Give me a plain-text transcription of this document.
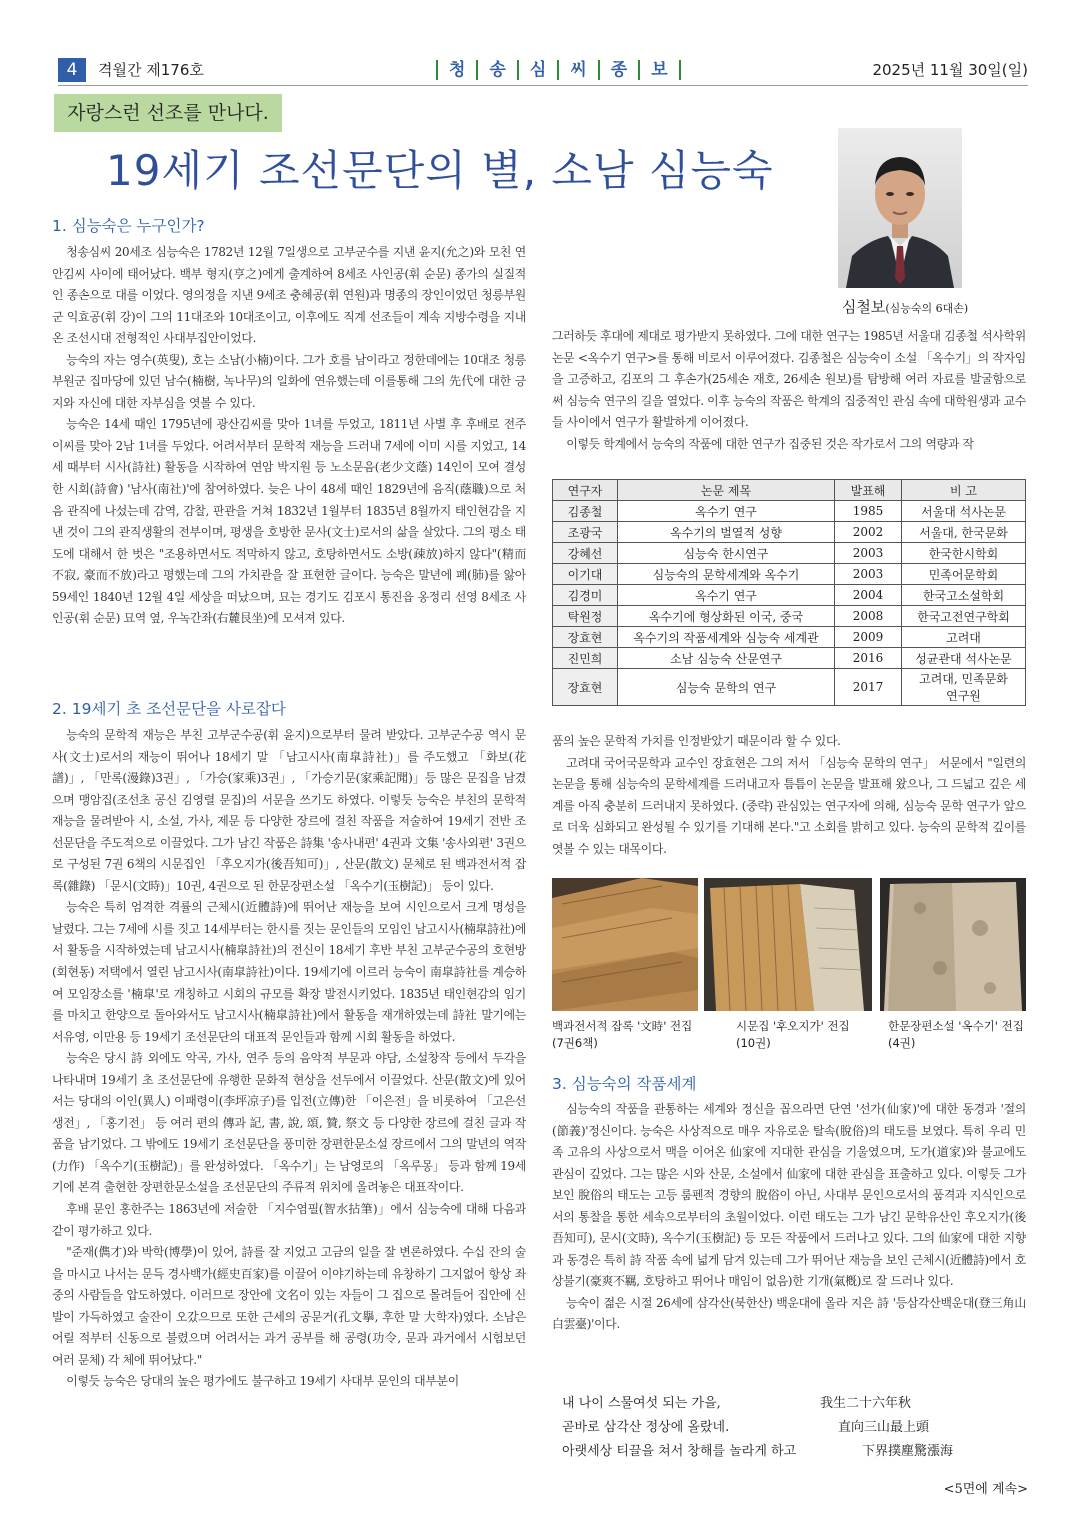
4	격월간 제176호	청	송	심	씨	종	보	2025년 11월 30일(일)
자랑스런 선조를 만나다.
19세기 조선문단의 별, 소남 심능숙
심철보(심능숙의 6대손)
1. 심능숙은 누구인가?

청송심씨 20세조 심능숙은 1782년 12월 7일생으로 고부군수를 지낸 윤지(允之)와 모친 연안김씨 사이에 태어났다. 백부 형지(亨之)에게 출계하여 8세조 사인공(휘 순문) 종가의 실질적인 종손으로 대를 이었다. 영의정을 지낸 9세조 충혜공(휘 연원)과 명종의 장인이었던 청릉부원군 익효공(휘 강)이 그의 11대조와 10대조이고, 이후에도 직계 선조들이 계속 지방수령을 지내온 조선시대 전형적인 사대부집안이었다.

능숙의 자는 영수(英叟), 호는 소남(小楠)이다. 그가 호를 남이라고 정한데에는 10대조 청릉부원군 집마당에 있던 남수(楠樹, 녹나무)의 일화에 연유했는데 이를통해 그의 先代에 대한 긍지와 자신에 대한 자부심을 엿볼 수 있다.

능숙은 14세 때인 1795년에 광산김씨를 맞아 1녀를 두었고, 1811년 사별 후 후배로 전주이씨를 맞아 2남 1녀를 두었다. 어려서부터 문학적 재능을 드러내 7세에 이미 시를 지었고, 14세 때부터 시사(詩社) 활동을 시작하여 연암 박지원 등 노소문음(老少文蔭) 14인이 모여 결성한 시회(詩會) '남사(南社)'에 참여하였다. 늦은 나이 48세 때인 1829년에 음직(蔭職)으로 처음 관직에 나섰는데 감역, 감찰, 판관을 거쳐 1832년 1월부터 1835년 8월까지 태인현감을 지낸 것이 그의 관직생활의 전부이며, 평생을 호방한 문사(文士)로서의 삶을 살았다. 그의 평소 태도에 대해서 한 벗은 "조용하면서도 적막하지 않고, 호탕하면서도 소방(疎放)하지 않다"(精而不寂, 豪而不放)라고 평했는데 그의 가치관을 잘 표현한 글이다. 능숙은 말년에 폐(肺)를 앓아 59세인 1840년 12월 4일 세상을 떠났으며, 묘는 경기도 김포시 통진읍 옹정리 선영 8세조 사인공(휘 순문) 묘역 옆, 우녹간좌(右麓艮坐)에 모셔져 있다.

2. 19세기 초 조선문단을 사로잡다

능숙의 문학적 재능은 부친 고부군수공(휘 윤지)으로부터 물려 받았다. 고부군수공 역시 문사(文士)로서의 재능이 뛰어나 18세기 말 「남고시사(南皐詩社)」를 주도했고 「화보(花譜)」, 「만록(漫錄)3권」, 「가승(家乘)3권」, 「가승기문(家乘記聞)」등 많은 문집을 남겼으며 맹암집(조선초 공신 김영렬 문집)의 서문을 쓰기도 하였다. 이렇듯 능숙은 부친의 문학적 재능을 물려받아 시, 소설, 가사, 제문 등 다양한 장르에 걸친 작품을 저술하여 19세기 전반 조선문단을 주도적으로 이끌었다. 그가 남긴 작품은 詩集 '송사내편' 4권과 文集 '송사외편' 3권으로 구성된 7권 6책의 시문집인 「후오지가(後吾知可)」, 산문(散文) 문체로 된 백과전서적 잡록(雜錄) 「문시(文時)」10권, 4권으로 된 한문장편소설 「옥수기(玉樹記)」 등이 있다.

능숙은 특히 엄격한 격률의 근체시(近體詩)에 뛰어난 재능을 보여 시인으로서 크게 명성을 날렸다. 그는 7세에 시를 짓고 14세부터는 한시를 짓는 문인들의 모임인 남고시사(楠皐詩社)에서 활동을 시작하였는데 남고시사(楠皐詩社)의 전신이 18세기 후반 부친 고부군수공의 호현방(회현동) 저택에서 열린 남고시사(南皐詩社)이다. 19세기에 이르러 능숙이 南皐詩社를 계승하여 모임장소를 '楠皐'로 개칭하고 시회의 규모를 확장 발전시키었다. 1835년 태인현감의 임기를 마치고 한양으로 돌아와서도 남고시사(楠皐詩社)에서 활동을 재개하였는데 詩社 말기에는 서유영, 이만용 등 19세기 조선문단의 대표적 문인들과 함께 시회 활동을 하였다.

능숙은 당시 詩 외에도 악곡, 가사, 연주 등의 음악적 부문과 야담, 소설창작 등에서 두각을 나타내며 19세기 초 조선문단에 유행한 문화적 현상을 선두에서 이끌었다. 산문(散文)에 있어서는 당대의 이인(異人) 이패령이(李坪凉子)를 입전(立傳)한 「이은전」을 비롯하여 「고은선생전」, 「홍기전」 등 여러 편의 傳과 記, 書, 說, 頌, 贊, 祭文 등 다양한 장르에 걸친 글과 작품을 남기었다. 그 밖에도 19세기 조선문단을 풍미한 장편한문소설 장르에서 그의 말년의 역작(力作) 「옥수기(玉樹記)」를 완성하였다. 「옥수기」는 남영로의 「옥루몽」 등과 함께 19세기에 본격 출현한 장편한문소설을 조선문단의 주류적 위치에 올려놓은 대표작이다.

후배 문인 홍한주는 1863년에 저술한 「지수염필(智水拈筆)」에서 심능숙에 대해 다음과 같이 평가하고 있다.

"준재(儁才)와 박학(博學)이 있어, 詩를 잘 지었고 고금의 일을 잘 변론하였다. 수십 잔의 술을 마시고 나서는 문득 경사백가(經史百家)를 이끌어 이야기하는데 유창하기 그지없어 항상 좌중의 사람들을 압도하였다. 이러므로 장안에 文名이 있는 자들이 그 집으로 몰려들어 집안에 신발이 가득하였고 술잔이 오갔으므로 또한 근세의 공문거(孔文擧, 후한 말 大학자)였다. 소남은 어릴 적부터 신동으로 불렸으며 어려서는 과거 공부를 해 공령(功令, 문과 과거에서 시험보던 여러 문체) 각 체에 뛰어났다."

이렇듯 능숙은 당대의 높은 평가에도 불구하고 19세기 사대부 문인의 대부분이

그러하듯 후대에 제대로 평가받지 못하였다. 그에 대한 연구는 1985년 서울대 김종철 석사학위논문 <옥수기 연구>를 통해 비로서 이루어졌다. 김종철은 심능숙이 소설 「옥수기」의 작자임을 고증하고, 김포의 그 후손가(25세손 재호, 26세손 원보)를 탐방해 여러 자료를 발굴함으로써 심능숙 연구의 길을 열었다. 이후 능숙의 작품은 학계의 집중적인 관심 속에 대학원생과 교수들 사이에서 연구가 활발하게 이어졌다.

이렇듯 학계에서 능숙의 작품에 대한 연구가 집중된 것은 작가로서 그의 역량과 작

연구자	논문 제목	발표해	비 고
김종철	옥수기 연구	1985	서울대 석사논문
조광국	옥수기의 벌열적 성향	2002	서울대, 한국문화
강혜선	심능숙 한시연구	2003	한국한시학회
이기대	심능숙의 문학세계와 옥수기	2003	민족어문학회
김경미	옥수기 연구	2004	한국고소설학회
탁원정	옥수기에 형상화된 이국, 중국	2008	한국고전연구학회
장효현	옥수기의 작품세계와 심능숙 세계관	2009	고려대
진민희	소남 심능숙 산문연구	2016	성균관대 석사논문
장효현	심능숙 문학의 연구	2017	고려대, 민족문화연구원

품의 높은 문학적 가치를 인정받았기 때문이라 할 수 있다.

고려대 국어국문학과 교수인 장효현은 그의 저서 「심능숙 문학의 연구」 서문에서 "일련의 논문을 통해 심능숙의 문학세계를 드러내고자 틈틈이 논문을 발표해 왔으나, 그 드넓고 깊은 세계를 아직 충분히 드러내지 못하였다. (중략) 관심있는 연구자에 의해, 심능숙 문학 연구가 앞으로 더욱 심화되고 완성될 수 있기를 기대해 본다."고 소회를 밝히고 있다. 능숙의 문학적 깊이를 엿볼 수 있는 대목이다.

백과전서적 잡록 '文時' 전집 (7권6책)
시문집 '후오지가' 전집(10권)
한문장편소설 '옥수기' 전집(4권)
3. 심능숙의 작품세계

심능숙의 작품을 관통하는 세계와 정신을 꼽으라면 단연 '선가(仙家)'에 대한 동경과 '절의(節義)'정신이다. 능숙은 사상적으로 매우 자유로운 탈속(脫俗)의 태도를 보였다. 특히 우리 민족 고유의 사상으로서 맥을 이어온 仙家에 지대한 관심을 기울였으며, 도가(道家)와 불교에도 관심이 깊었다. 그는 많은 시와 산문, 소설에서 仙家에 대한 관심을 표출하고 있다. 이렇듯 그가 보인 脫俗의 태도는 고등 룸펜적 경향의 脫俗이 아닌, 사대부 문인으로서의 품격과 지식인으로서의 통찰을 통한 세속으로부터의 초월이었다. 이런 태도는 그가 남긴 문학유산인 후오지가(後吾知可), 문시(文時), 옥수기(玉樹記) 등 모든 작품에서 드러나고 있다. 그의 仙家에 대한 지향과 동경은 특히 詩 작품 속에 넓게 담겨 있는데 그가 뛰어난 재능을 보인 근체시(近體詩)에서 호상불기(豪爽不羈, 호탕하고 뛰어나 매임이 없음)한 기개(氣槪)로 잘 드러나 있다.

능숙이 젊은 시절 26세에 삼각산(북한산) 백운대에 올라 지은 詩 '등삼각산백운대(登三角山白雲臺)'이다.

내 나이 스물여섯 되는 가을,
곧바로 삼각산 정상에 올랐네.
아랫세상 티끌을 쳐서 창해를 놀라게 하고
我生二十六年秋
直向三山最上頭
下界撲塵驚漲海
<5면에 계속>
